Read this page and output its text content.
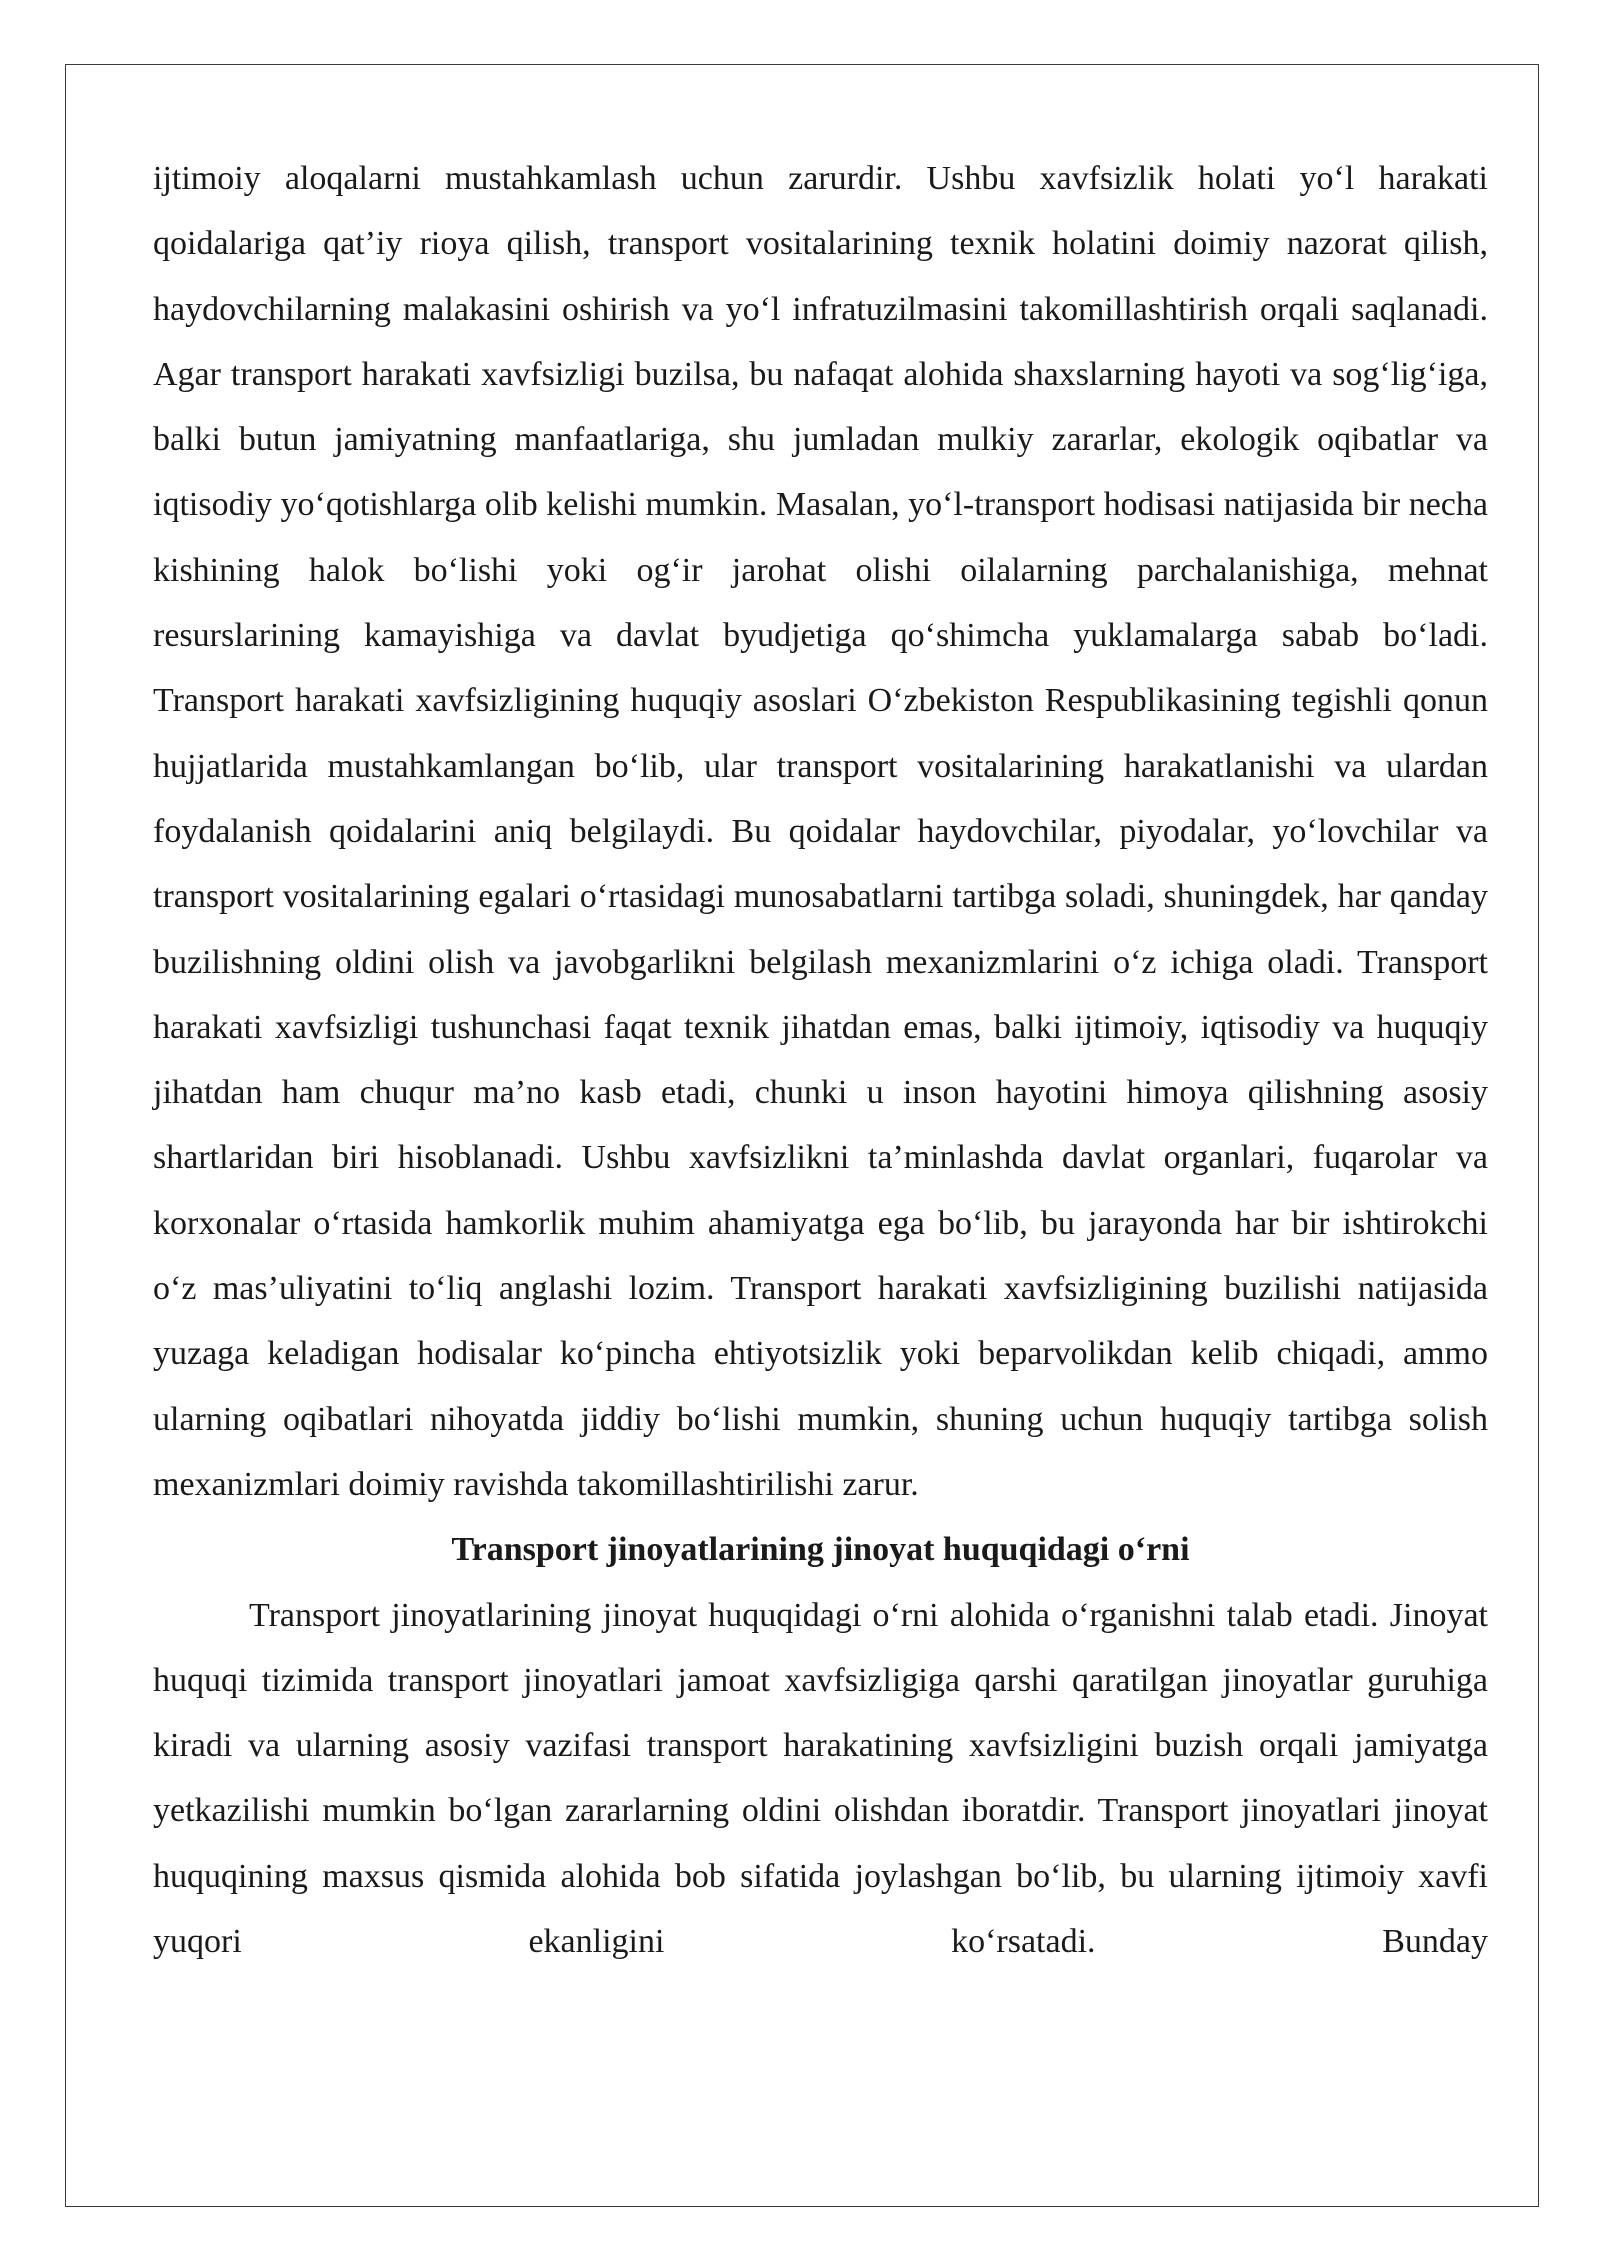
ijtimoiy aloqalarni mustahkamlash uchun zarurdir. Ushbu xavfsizlik holati yo‘l harakati qoidalariga qat’iy rioya qilish, transport vositalarining texnik holatini doimiy nazorat qilish, haydovchilarning malakasini oshirish va yo‘l infratuzilmasini takomillashtirish orqali saqlanadi. Agar transport harakati xavfsizligi buzilsa, bu nafaqat alohida shaxslarning hayoti va sog‘lig‘iga, balki butun jamiyatning manfaatlariga, shu jumladan mulkiy zararlar, ekologik oqibatlar va iqtisodiy yo‘qotishlarga olib kelishi mumkin. Masalan, yo‘l-transport hodisasi natijasida bir necha kishining halok bo‘lishi yoki og‘ir jarohat olishi oilalarning parchalanishiga, mehnat resurslarining kamayishiga va davlat byudjetiga qo‘shimcha yuklamalarga sabab bo‘ladi. Transport harakati xavfsizligining huquqiy asoslari O‘zbekiston Respublikasining tegishli qonun hujjatlarida mustahkamlangan bo‘lib, ular transport vositalarining harakatlanishi va ulardan foydalanish qoidalarini aniq belgilaydi. Bu qoidalar haydovchilar, piyodalar, yo‘lovchilar va transport vositalarining egalari o‘rtasidagi munosabatlarni tartibga soladi, shuningdek, har qanday buzilishning oldini olish va javobgarlikni belgilash mexanizmlarini o‘z ichiga oladi. Transport harakati xavfsizligi tushunchasi faqat texnik jihatdan emas, balki ijtimoiy, iqtisodiy va huquqiy jihatdan ham chuqur ma’no kasb etadi, chunki u inson hayotini himoya qilishning asosiy shartlaridan biri hisoblanadi. Ushbu xavfsizlikni ta’minlashda davlat organlari, fuqarolar va korxonalar o‘rtasida hamkorlik muhim ahamiyatga ega bo‘lib, bu jarayonda har bir ishtirokchi o‘z mas’uliyatini to‘liq anglashi lozim. Transport harakati xavfsizligining buzilishi natijasida yuzaga keladigan hodisalar ko‘pincha ehtiyotsizlik yoki beparvolikdan kelib chiqadi, ammo ularning oqibatlari nihoyatda jiddiy bo‘lishi mumkin, shuning uchun huquqiy tartibga solish mexanizmlari doimiy ravishda takomillashtirilishi zarur.

Transport jinoyatlarining jinoyat huquqidagi o‘rni

Transport jinoyatlarining jinoyat huquqidagi o‘rni alohida o‘rganishni talab etadi. Jinoyat huquqi tizimida transport jinoyatlari jamoat xavfsizligiga qarshi qaratilgan jinoyatlar guruhiga kiradi va ularning asosiy vazifasi transport harakatining xavfsizligini buzish orqali jamiyatga yetkazilishi mumkin bo‘lgan zararlarning oldini olishdan iboratdir. Transport jinoyatlari jinoyat huquqining maxsus qismida alohida bob sifatida joylashgan bo‘lib, bu ularning ijtimoiy xavfi yuqori ekanligini ko‘rsatadi. Bunday
